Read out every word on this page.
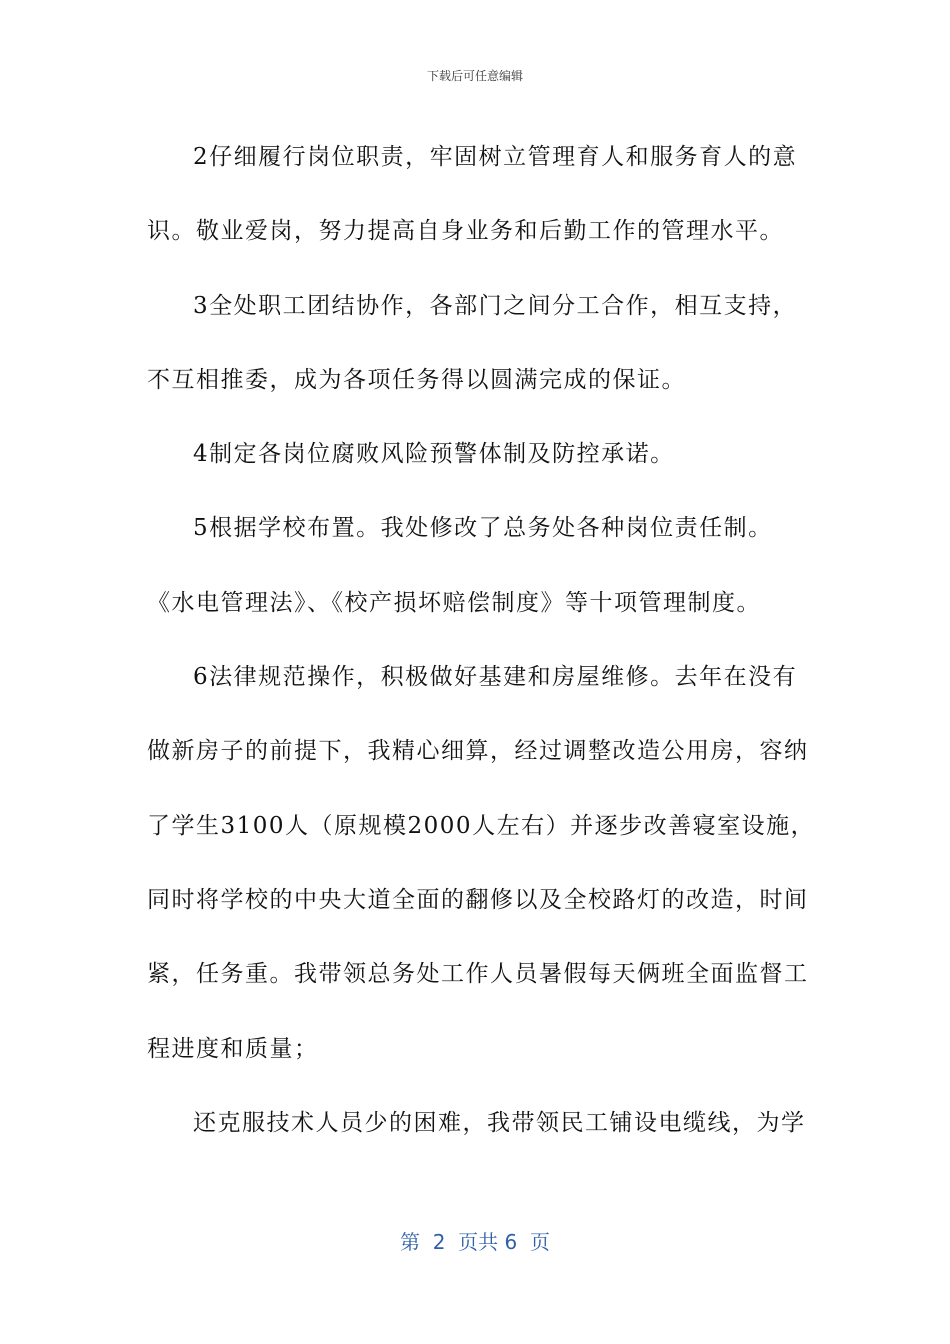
下载后可任意编辑
2仔细履行岗位职责，牢固树立管理育人和服务育人的意
识。敬业爱岗，努力提高自身业务和后勤工作的管理水平。
3全处职工团结协作，各部门之间分工合作，相互支持，
不互相推委，成为各项任务得以圆满完成的保证。
4制定各岗位腐败风险预警体制及防控承诺。
5根据学校布置。我处修改了总务处各种岗位责任制。
《水电管理法》、《校产损坏赔偿制度》等十项管理制度。
6法律规范操作，积极做好基建和房屋维修。去年在没有
做新房子的前提下，我精心细算，经过调整改造公用房，容纳
了学生3100人（原规模2000人左右）并逐步改善寝室设施，
同时将学校的中央大道全面的翻修以及全校路灯的改造，时间
紧，任务重。我带领总务处工作人员暑假每天俩班全面监督工
程进度和质量；
还克服技术人员少的困难，我带领民工铺设电缆线，为学
第  2  页共 6  页
